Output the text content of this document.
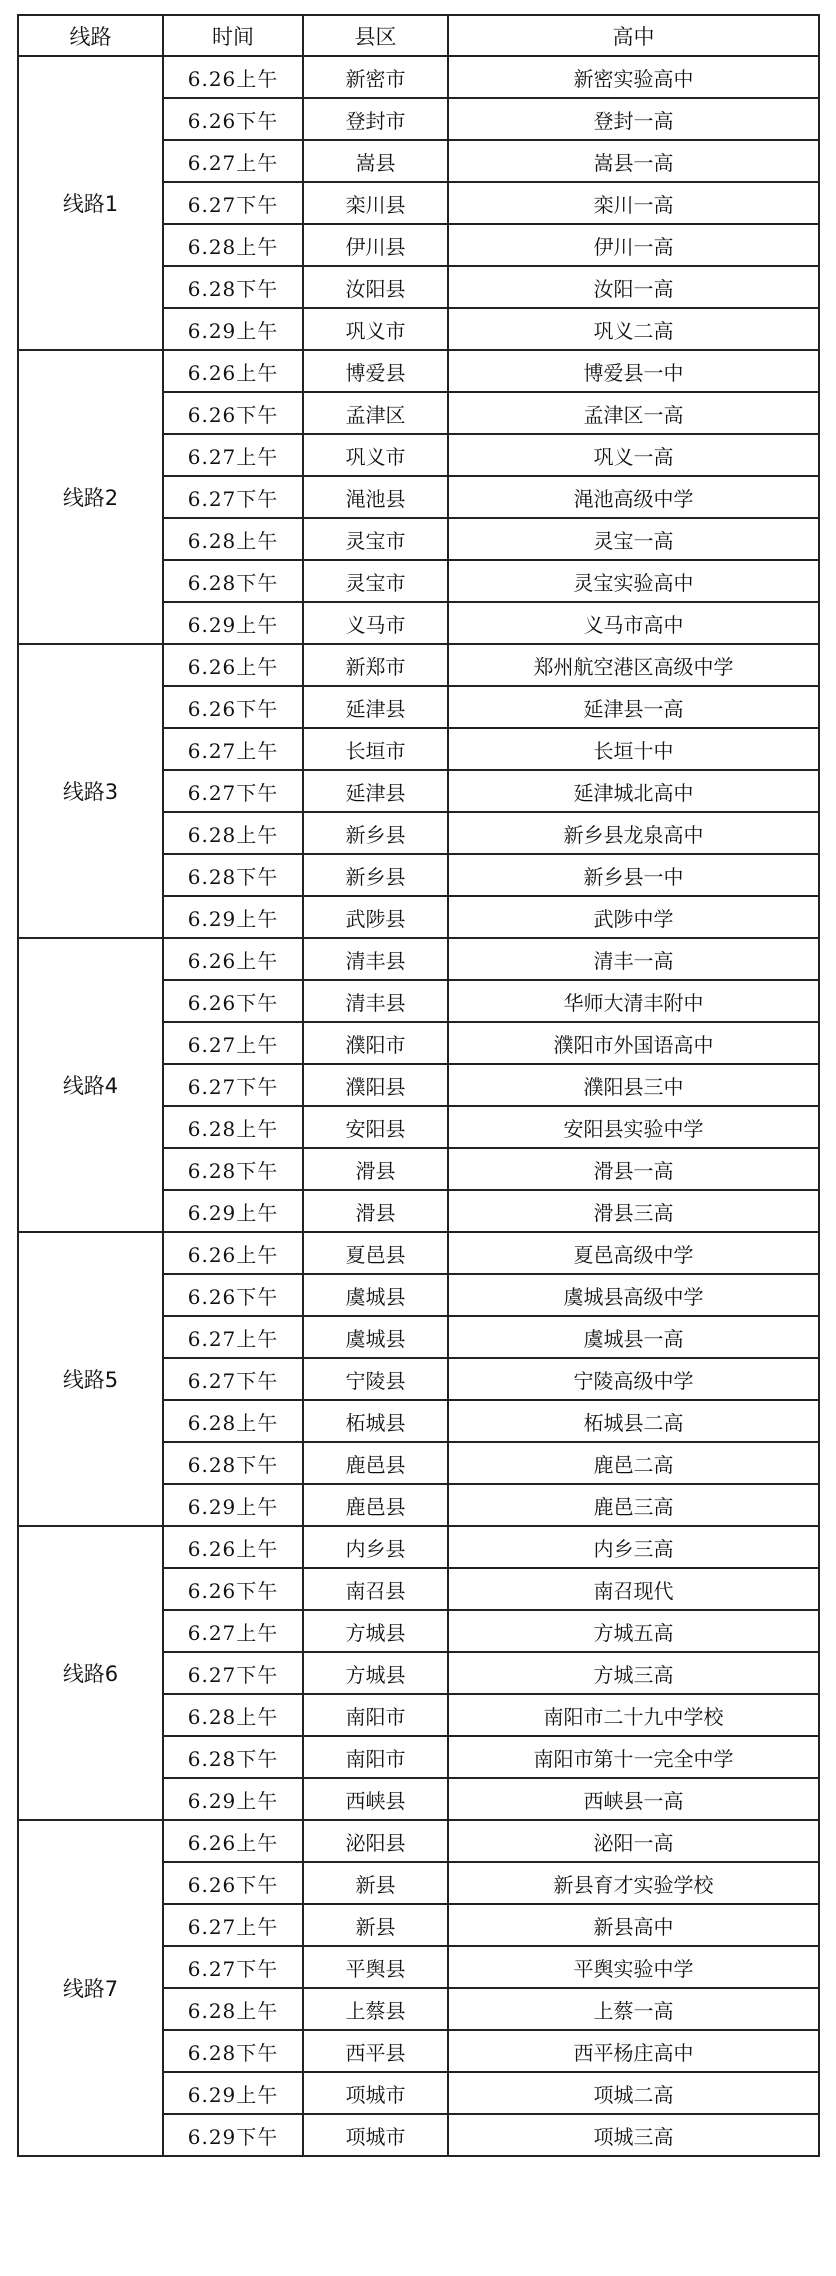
线路	时间	县区	高中
线路1	6.26上午	新密市	新密实验高中
	6.26下午	登封市	登封一高
	6.27上午	嵩县	嵩县一高
	6.27下午	栾川县	栾川一高
	6.28上午	伊川县	伊川一高
	6.28下午	汝阳县	汝阳一高
	6.29上午	巩义市	巩义二高
线路2	6.26上午	博爱县	博爱县一中
	6.26下午	孟津区	孟津区一高
	6.27上午	巩义市	巩义一高
	6.27下午	渑池县	渑池高级中学
	6.28上午	灵宝市	灵宝一高
	6.28下午	灵宝市	灵宝实验高中
	6.29上午	义马市	义马市高中
线路3	6.26上午	新郑市	郑州航空港区高级中学
	6.26下午	延津县	延津县一高
	6.27上午	长垣市	长垣十中
	6.27下午	延津县	延津城北高中
	6.28上午	新乡县	新乡县龙泉高中
	6.28下午	新乡县	新乡县一中
	6.29上午	武陟县	武陟中学
线路4	6.26上午	清丰县	清丰一高
	6.26下午	清丰县	华师大清丰附中
	6.27上午	濮阳市	濮阳市外国语高中
	6.27下午	濮阳县	濮阳县三中
	6.28上午	安阳县	安阳县实验中学
	6.28下午	滑县	滑县一高
	6.29上午	滑县	滑县三高
线路5	6.26上午	夏邑县	夏邑高级中学
	6.26下午	虞城县	虞城县高级中学
	6.27上午	虞城县	虞城县一高
	6.27下午	宁陵县	宁陵高级中学
	6.28上午	柘城县	柘城县二高
	6.28下午	鹿邑县	鹿邑二高
	6.29上午	鹿邑县	鹿邑三高
线路6	6.26上午	内乡县	内乡三高
	6.26下午	南召县	南召现代
	6.27上午	方城县	方城五高
	6.27下午	方城县	方城三高
	6.28上午	南阳市	南阳市二十九中学校
	6.28下午	南阳市	南阳市第十一完全中学
	6.29上午	西峡县	西峡县一高
线路7	6.26上午	泌阳县	泌阳一高
	6.26下午	新县	新县育才实验学校
	6.27上午	新县	新县高中
	6.27下午	平舆县	平舆实验中学
	6.28上午	上蔡县	上蔡一高
	6.28下午	西平县	西平杨庄高中
	6.29上午	项城市	项城二高
	6.29下午	项城市	项城三高
